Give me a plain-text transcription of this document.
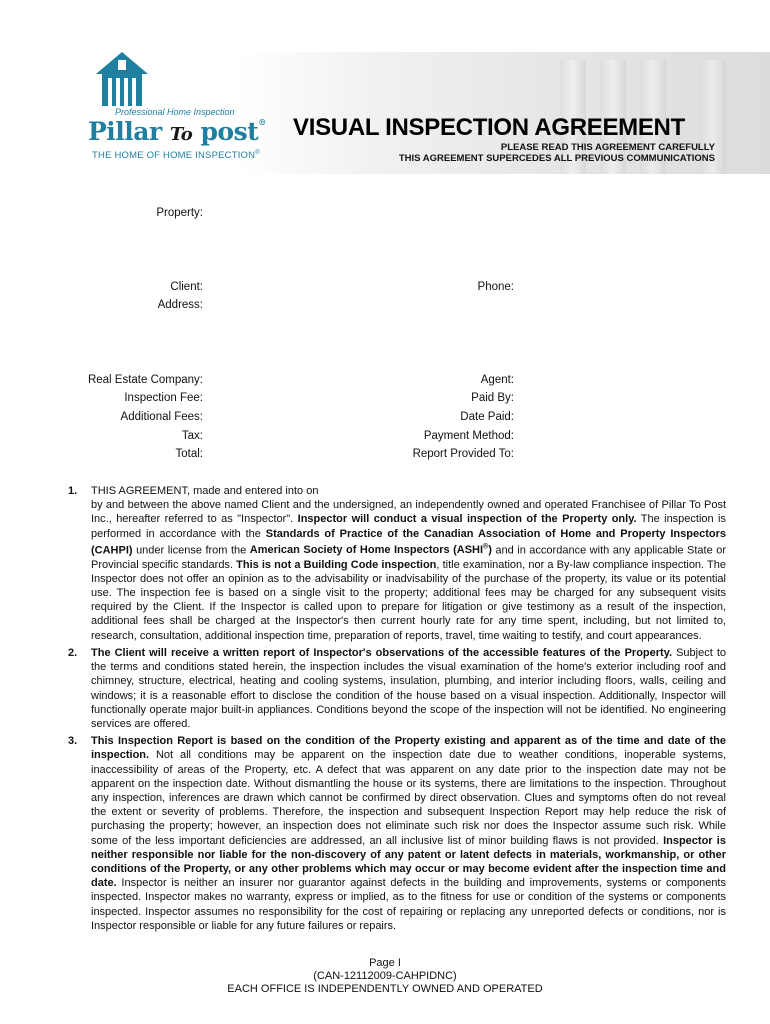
Professional Home Inspection
Pillar To post®
THE HOME OF HOME INSPECTION®
VISUAL INSPECTION AGREEMENT
PLEASE READ THIS AGREEMENT CAREFULLY
THIS AGREEMENT SUPERCEDES ALL PREVIOUS COMMUNICATIONS
Property:
Client:	Phone:
Address:
Real Estate Company:	Agent:
Inspection Fee:	Paid By:
Additional Fees:	Date Paid:
Tax:	Payment Method:
Total:	Report Provided To:
1.	THIS AGREEMENT, made and entered into on
by and between the above named Client and the undersigned, an independently owned and operated Franchisee of Pillar To Post Inc., hereafter referred to as "Inspector". Inspector will conduct a visual inspection of the Property only. The inspection is performed in accordance with the Standards of Practice of the Canadian Association of Home and Property Inspectors (CAHPI) under license from the American Society of Home Inspectors (ASHI®) and in accordance with any applicable State or Provincial specific standards. This is not a Building Code inspection, title examination, nor a By-law compliance inspection. The Inspector does not offer an opinion as to the advisability or inadvisability of the purchase of the property, its value or its potential use. The inspection fee is based on a single visit to the property; additional fees may be charged for any subsequent visits required by the Client. If the Inspector is called upon to prepare for litigation or give testimony as a result of the inspection, additional fees shall be charged at the Inspector's then current hourly rate for any time spent, including, but not limited to, research, consultation, additional inspection time, preparation of reports, travel, time waiting to testify, and court appearances.
2.	The Client will receive a written report of Inspector's observations of the accessible features of the Property. Subject to the terms and conditions stated herein, the inspection includes the visual examination of the home's exterior including roof and chimney, structure, electrical, heating and cooling systems, insulation, plumbing, and interior including floors, walls, ceiling and windows; it is a reasonable effort to disclose the condition of the house based on a visual inspection. Additionally, Inspector will functionally operate major built-in appliances. Conditions beyond the scope of the inspection will not be identified. No engineering services are offered.
3.	This Inspection Report is based on the condition of the Property existing and apparent as of the time and date of the inspection. Not all conditions may be apparent on the inspection date due to weather conditions, inoperable systems, inaccessibility of areas of the Property, etc. A defect that was apparent on any date prior to the inspection date may not be apparent on the inspection date. Without dismantling the house or its systems, there are limitations to the inspection. Throughout any inspection, inferences are drawn which cannot be confirmed by direct observation. Clues and symptoms often do not reveal the extent or severity of problems. Therefore, the inspection and subsequent Inspection Report may help reduce the risk of purchasing the property; however, an inspection does not eliminate such risk nor does the Inspector assume such risk. While some of the less important deficiencies are addressed, an all inclusive list of minor building flaws is not provided. Inspector is neither responsible nor liable for the non-discovery of any patent or latent defects in materials, workmanship, or other conditions of the Property, or any other problems which may occur or may become evident after the inspection time and date. Inspector is neither an insurer nor guarantor against defects in the building and improvements, systems or components inspected. Inspector makes no warranty, express or implied, as to the fitness for use or condition of the systems or components inspected. Inspector assumes no responsibility for the cost of repairing or replacing any unreported defects or conditions, nor is Inspector responsible or liable for any future failures or repairs.
Page I
(CAN-12112009-CAHPIDNC)
EACH OFFICE IS INDEPENDENTLY OWNED AND OPERATED
